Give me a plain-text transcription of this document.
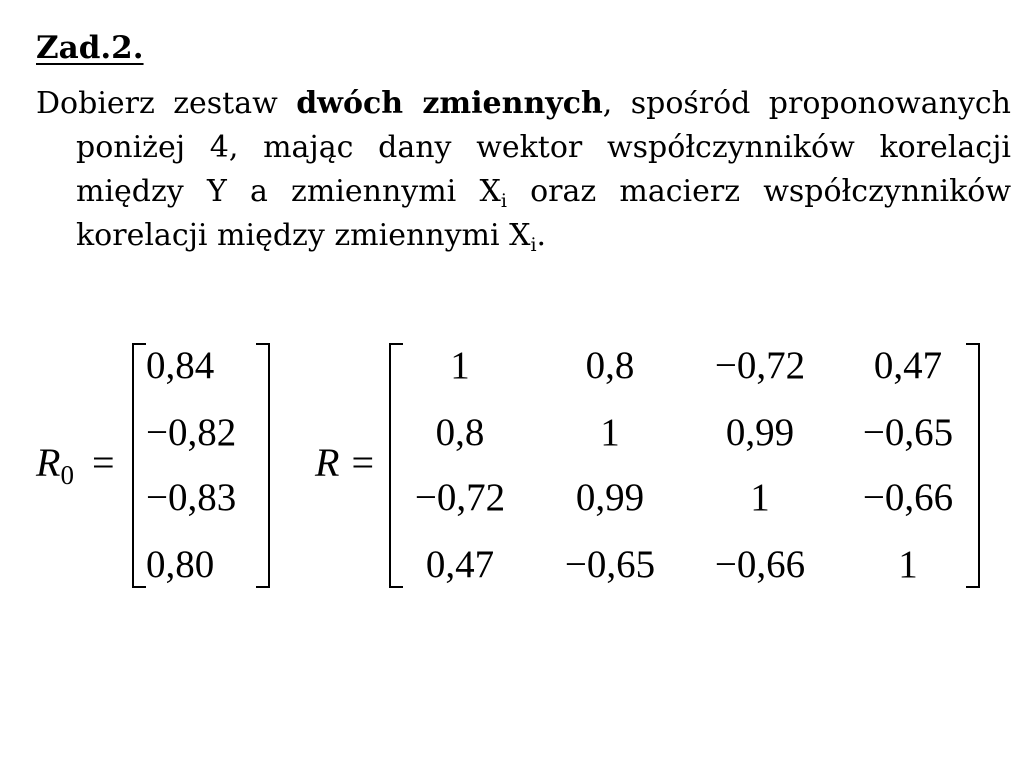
Zad.2.
Dobierz zestaw dwóch zmiennych, spośród proponowanych poniżej 4, mając dany wektor współczynników korelacji między Y a zmiennymi $X_i$ oraz macierz współczynników korelacji między zmiennymi $X_i$.
$R_0$ =
0,84
−0,82
−0,83
0,80
R =
1	0,8	−0,72	0,47
0,8	1	0,99	−0,65
−0,72	0,99	1	−0,66
0,47	−0,65	−0,66	1
